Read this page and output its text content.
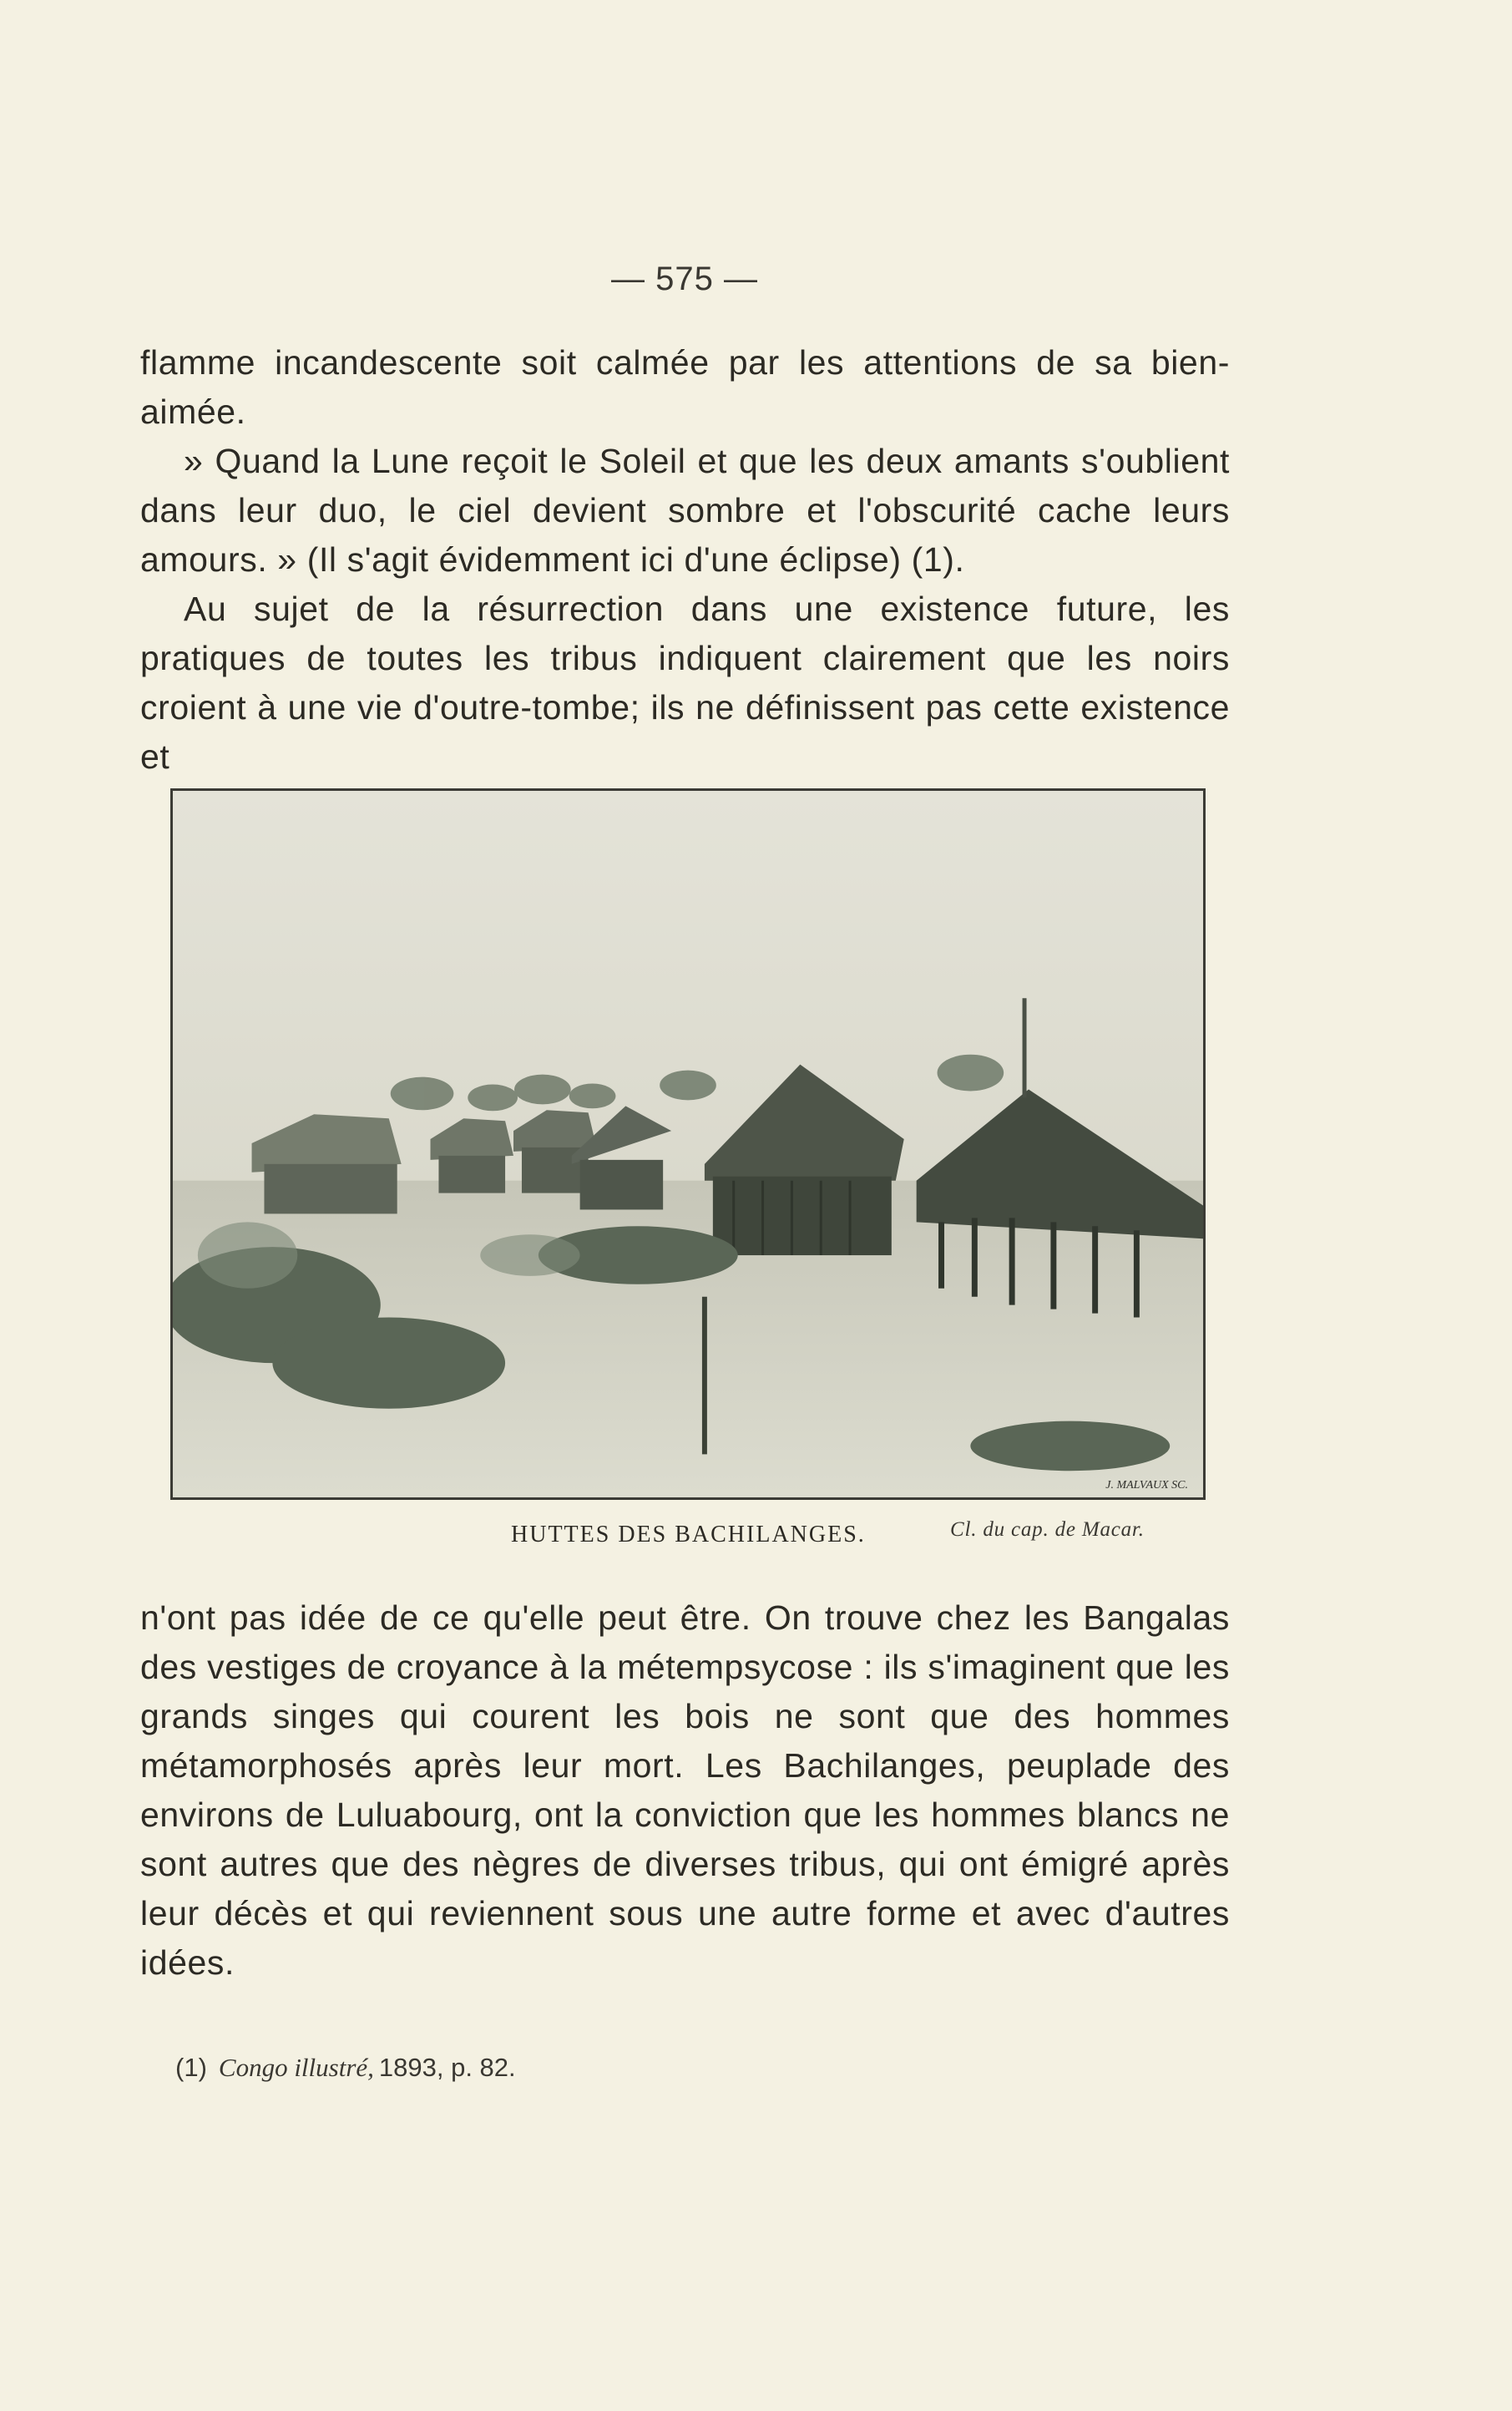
— 575 —

flamme incandescente soit calmée par les attentions de sa bien-aimée.

» Quand la Lune reçoit le Soleil et que les deux amants s'oublient dans leur duo, le ciel devient sombre et l'obscurité cache leurs amours. » (Il s'agit évidemment ici d'une éclipse) (1).

Au sujet de la résurrection dans une existence future, les pratiques de toutes les tribus indiquent clairement que les noirs croient à une vie d'outre-tombe; ils ne définissent pas cette existence et

J. MALVAUX SC.
HUTTES DES BACHILANGES.	Cl. du cap. de Macar.

n'ont pas idée de ce qu'elle peut être. On trouve chez les Bangalas des vestiges de croyance à la métempsycose : ils s'imaginent que les grands singes qui courent les bois ne sont que des hommes métamorphosés après leur mort. Les Bachilanges, peuplade des environs de Luluabourg, ont la conviction que les hommes blancs ne sont autres que des nègres de diverses tribus, qui ont émigré après leur décès et qui reviennent sous une autre forme et avec d'autres idées.

(1) Congo illustré, 1893, p. 82.
